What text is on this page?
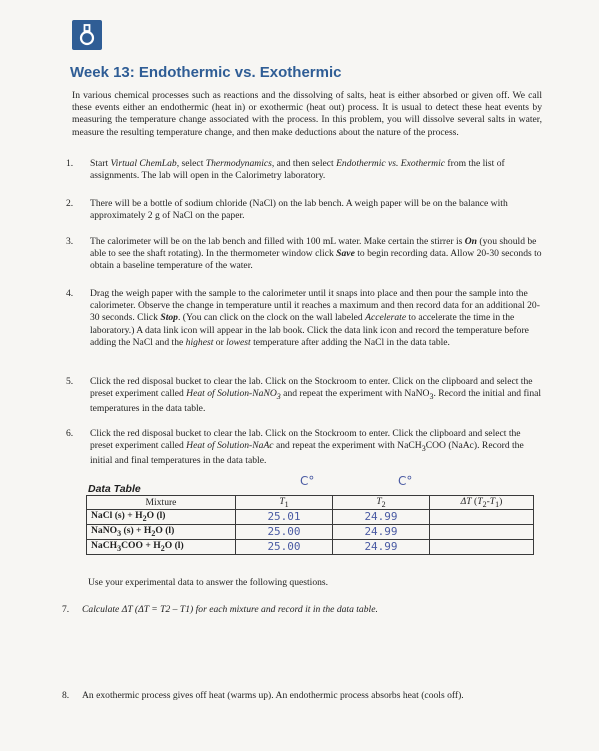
Week 13: Endothermic vs. Exothermic
In various chemical processes such as reactions and the dissolving of salts, heat is either absorbed or given off. We call these events either an endothermic (heat in) or exothermic (heat out) process. It is usual to detect these heat events by measuring the temperature change associated with the process. In this problem, you will dissolve several salts in water, measure the resulting temperature change, and then make deductions about the nature of the process.
1.	Start Virtual ChemLab, select Thermodynamics, and then select Endothermic vs. Exothermic from the list of assignments. The lab will open in the Calorimetry laboratory.
2.	There will be a bottle of sodium chloride (NaCl) on the lab bench. A weigh paper will be on the balance with approximately 2 g of NaCl on the paper.
3.	The calorimeter will be on the lab bench and filled with 100 mL water. Make certain the stirrer is On (you should be able to see the shaft rotating). In the thermometer window click Save to begin recording data. Allow 20-30 seconds to obtain a baseline temperature of the water.
4.	Drag the weigh paper with the sample to the calorimeter until it snaps into place and then pour the sample into the calorimeter. Observe the change in temperature until it reaches a maximum and then record data for an additional 20-30 seconds. Click Stop. (You can click on the clock on the wall labeled Accelerate to accelerate the time in the laboratory.) A data link icon will appear in the lab book. Click the data link icon and record the temperature before adding the NaCl and the highest or lowest temperature after adding the NaCl in the data table.
5.	Click the red disposal bucket to clear the lab. Click on the Stockroom to enter. Click on the clipboard and select the preset experiment called Heat of Solution-NaNO$_3$ and repeat the experiment with NaNO$_3$. Record the initial and final temperatures in the data table.
6.	Click the red disposal bucket to clear the lab. Click on the Stockroom to enter. Click the clipboard and select the preset experiment called Heat of Solution-NaAc and repeat the experiment with NaCH$_3$COO (NaAc). Record the initial and final temperatures in the data table.
Data Table
C°	C°
Mixture	$T_1$	$T_2$	ΔT $(T_2-T_1)$
NaCl $(s) + H_2O$ (l)	25.01	24.99	

NaNO$_3$ $(s) + H_2O$ (l)	25.00	24.99	

NaCH$_3$COO + $H_2O$ (l)	25.00	24.99	

Use your experimental data to answer the following questions.
7. Calculate ΔT (ΔT = T2 – T1) for each mixture and record it in the data table.
8. An exothermic process gives off heat (warms up). An endothermic process absorbs heat (cools off).
